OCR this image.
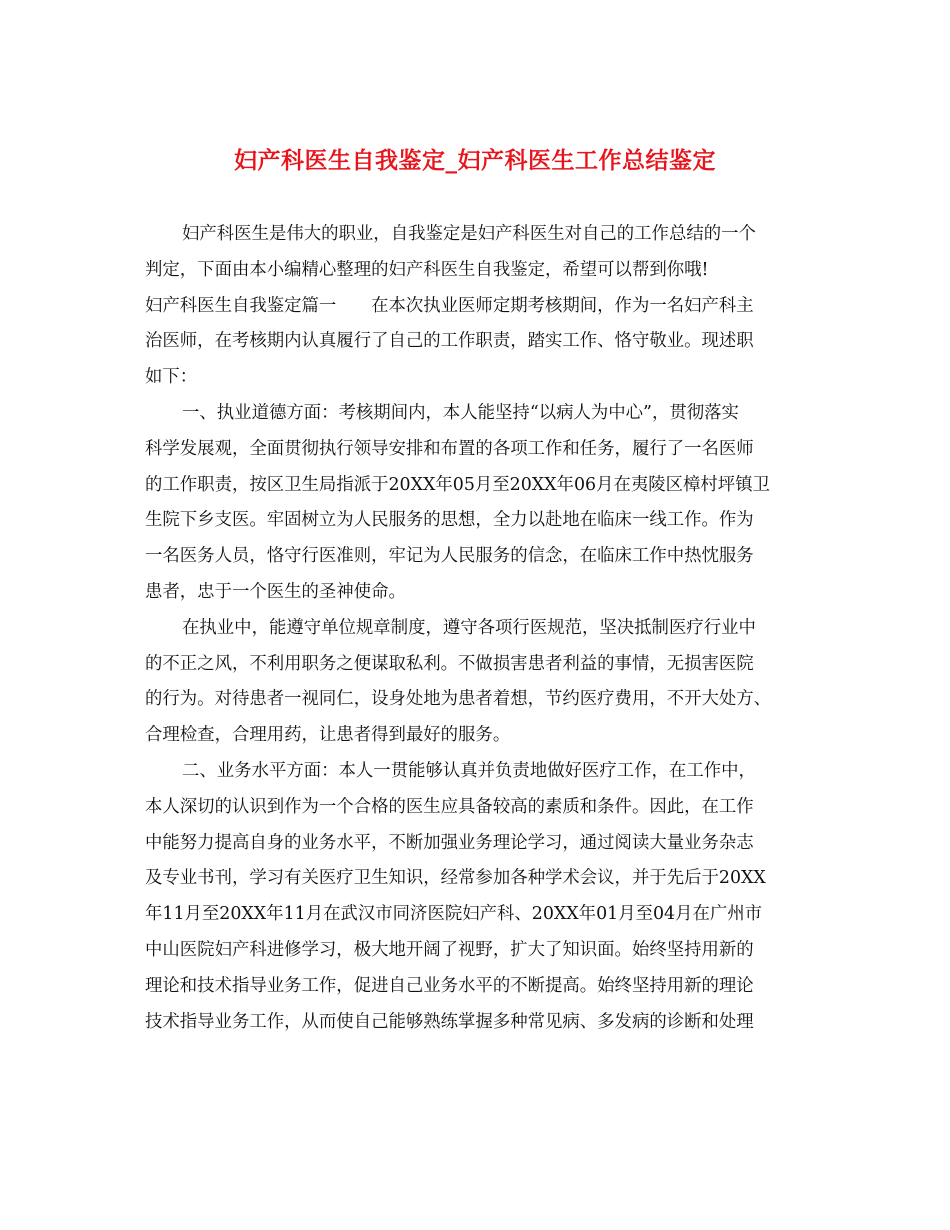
妇产科医生自我鉴定_妇产科医生工作总结鉴定
妇产科医生是伟大的职业，自我鉴定是妇产科医生对自己的工作总结的一个
判定，下面由本小编精心整理的妇产科医生自我鉴定，希望可以帮到你哦!
妇产科医生自我鉴定篇一　　在本次执业医师定期考核期间，作为一名妇产科主
治医师，在考核期内认真履行了自己的工作职责，踏实工作、恪守敬业。现述职
如下：
一、执业道德方面：考核期间内，本人能坚持“以病人为中心”，贯彻落实
科学发展观，全面贯彻执行领导安排和布置的各项工作和任务，履行了一名医师
的工作职责，按区卫生局指派于20XX年05月至20XX年06月在夷陵区樟村坪镇卫
生院下乡支医。牢固树立为人民服务的思想，全力以赴地在临床一线工作。作为
一名医务人员，恪守行医准则，牢记为人民服务的信念，在临床工作中热忱服务
患者，忠于一个医生的圣神使命。
在执业中，能遵守单位规章制度，遵守各项行医规范，坚决抵制医疗行业中
的不正之风，不利用职务之便谋取私利。不做损害患者利益的事情，无损害医院
的行为。对待患者一视同仁，设身处地为患者着想，节约医疗费用，不开大处方、
合理检查，合理用药，让患者得到最好的服务。
二、业务水平方面：本人一贯能够认真并负责地做好医疗工作，在工作中，
本人深切的认识到作为一个合格的医生应具备较高的素质和条件。因此，在工作
中能努力提高自身的业务水平，不断加强业务理论学习，通过阅读大量业务杂志
及专业书刊，学习有关医疗卫生知识，经常参加各种学术会议，并于先后于20XX
年11月至20XX年11月在武汉市同济医院妇产科、20XX年01月至04月在广州市
中山医院妇产科进修学习，极大地开阔了视野，扩大了知识面。始终坚持用新的
理论和技术指导业务工作，促进自己业务水平的不断提高。始终坚持用新的理论
技术指导业务工作，从而使自己能够熟练掌握多种常见病、多发病的诊断和处理
